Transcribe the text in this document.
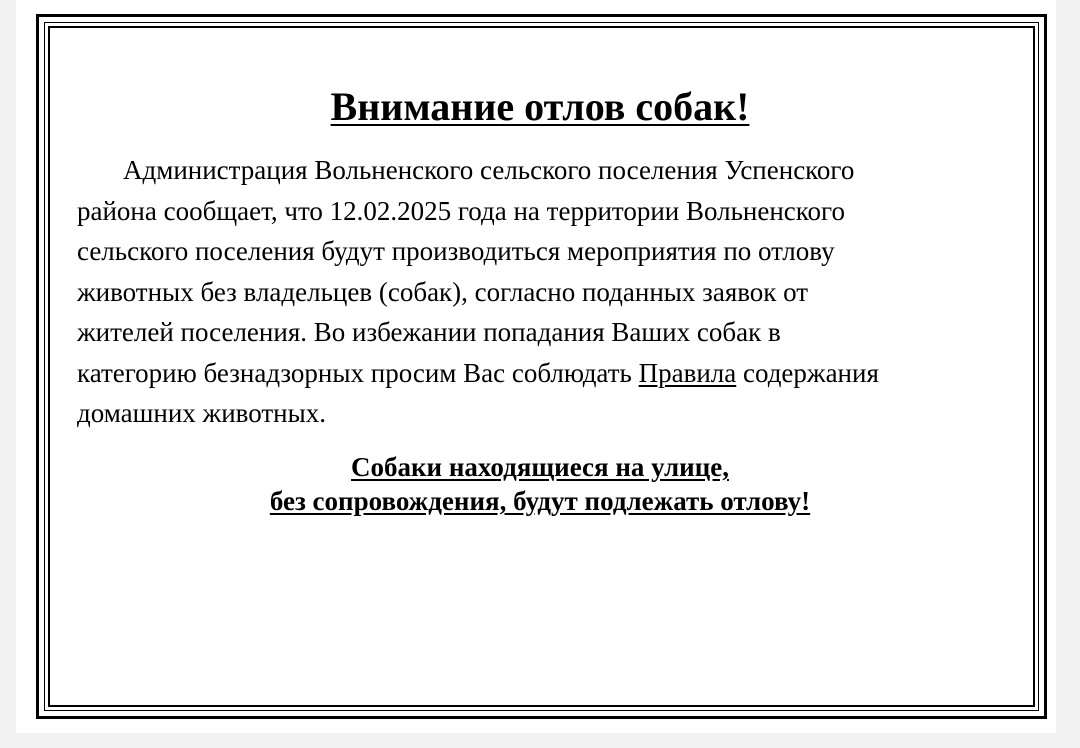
Внимание отлов собак!
Администрация Вольненского сельского поселения Успенского
района сообщает, что 12.02.2025 года на территории Вольненского
сельского поселения будут производиться мероприятия по отлову
животных без владельцев (собак), согласно поданных заявок от
жителей поселения. Во избежании попадания Ваших собак в
категорию безнадзорных просим Вас соблюдать Правила содержания
домашних животных.
Собаки находящиеся на улице,
без сопровождения, будут подлежать отлову!
